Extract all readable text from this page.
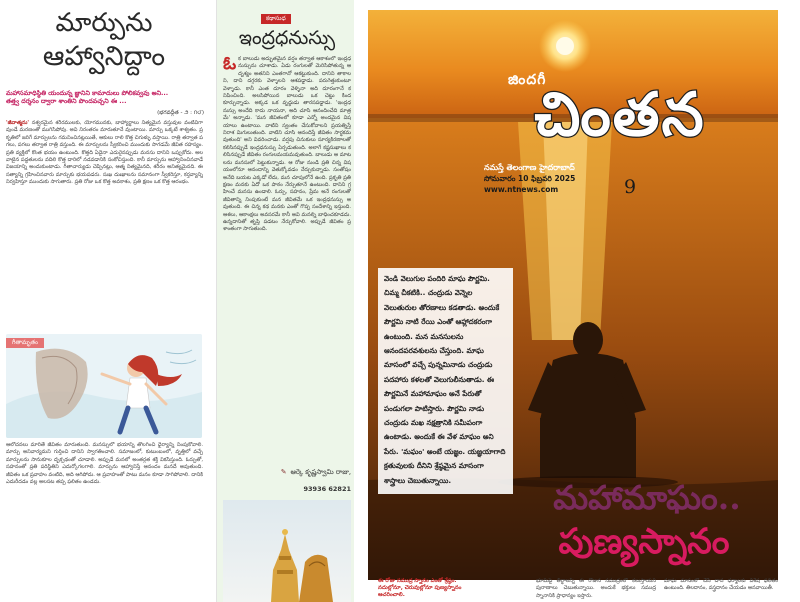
మార్పును
ఆహ్వానిద్దాం
మహాసమాధిస్థితి యందున్న జ్ఞానిని కామాదులు పోలికవ్వవు అని...
తత్త్వ దర్శనం ద్వారా శాంతిని పొందవచ్చని ఈ ...
(భగవద్గీత - ౨ : ౧౮)
'జీవాత్మను' నశ్వరమైన శరీరములకు, యోగమునకు, బాహ్యార్థాలు నిత్యమైన వస్తువుల వంటివిగా వుండే మరణంతో ముగిసిపోవు. అవి నిరంతరం మారుతూనే వుంటాయి. మార్పు ఒక్కటే శాశ్వతం. ప్రకృతిలో జరిగే మార్పులను గమనించినట్లయితే, ఆకులు రాలి కొత్త చిగుళ్ళు వస్తాయి. రాత్రి తర్వాత పగలు, పగలు తర్వాత రాత్రి వస్తుంది. ఈ మార్పులను స్వీకరించి ముందుకు సాగడమే జీవిత రహస్యం. ప్రతి వ్యక్తిలో కొంత భయం ఉంటుంది. కొత్తది ఏదైనా ఎదురైనప్పుడు మనసు దానిని ఒప్పుకోదు. అలవాటైన పద్ధతులను వదిలి కొత్త దారిలో నడవడానికి సంకోచిస్తుంది. కానీ మార్పును ఆహ్వానించినవాడే విజయాన్ని అందుకుంటాడు. గీతాచార్యుడు చెప్పినట్లు, ఆత్మ నిత్యమైనది, శరీరం అనిత్యమైనది. ఈ సత్యాన్ని గ్రహించినవారు మార్పుకు భయపడరు. సుఖ దుఃఖాలను సమానంగా స్వీకరిస్తూ, కర్తవ్యాన్ని నిర్వహిస్తూ ముందుకు సాగుతారు. ప్రతి రోజు ఒక కొత్త అవకాశం, ప్రతి క్షణం ఒక కొత్త ఆరంభం.
గీతామృతం
ఆలోచనలు మారితే జీవితం మారుతుంది. మనస్సులో భయాన్ని తొలగించి ధైర్యాన్ని నింపుకోవాలి. మార్పు అనివార్యమని గుర్తించి దానిని స్వాగతించాలి. సమాజంలో, కుటుంబంలో, వృత్తిలో వచ్చే మార్పులను సానుకూల దృక్పథంతో చూడాలి. అప్పుడే మనలో అంతర్గత శక్తి వికసిస్తుంది. ఓర్పుతో, సహనంతో ప్రతి పరిస్థితిని ఎదుర్కోగలగాలి. మార్పును ఆహ్వానిస్తే ఆనందం మనదే అవుతుంది. జీవితం ఒక ప్రవాహం వంటిది, అది ఆగిపోదు. ఆ ప్రవాహంతో పాటు మనం కూడా సాగిపోవాలి. దానికి ఎదురీదడం వల్ల అలసట తప్ప ఫలితం ఉండదు.
కథాసుధ
ఇంద్రధనుస్సు
ఓక బాలుడు అద్భుతమైన వర్షం తర్వాత ఆకాశంలో ఇంద్రధనుస్సును చూశాడు. ఏడు రంగులతో మెరిసిపోతున్న ఆ దృశ్యం అతనిని ఎంతగానో ఆకట్టుకుంది. దానిని తాకాలని, దాని దగ్గరకు వెళ్ళాలని ఆశపడ్డాడు. పరుగెత్తుకుంటూ వెళ్ళాడు. కానీ ఎంత దూరం వెళ్ళినా అది దూరంగానే కనిపించింది. అలసిపోయిన బాలుడు ఒక చెట్టు కింద కూర్చున్నాడు. అక్కడ ఒక వృద్ధుడు తారసపడ్డాడు. 'ఇంద్రధనుస్సు అందేది కాదు నాయనా, అది చూసి ఆనందించేది మాత్రమే' అన్నాడు. 'మన జీవితంలో కూడా ఎన్నో అందమైన విషయాలు ఉంటాయి. వాటిని స్వంతం చేసుకోవాలని ప్రయత్నిస్తే నిరాశ మిగులుతుంది. వాటిని చూసి ఆనందిస్తే జీవితం సార్థకమవుతుంది' అని వివరించాడు. వర్షపు చినుకులు సూర్యకిరణాలతో కలిసినప్పుడే ఇంద్రధనుస్సు ఏర్పడుతుంది. అలాగే కష్టసుఖాలు కలిసినప్పుడే జీవితం రంగులమయమవుతుంది. బాలుడు ఆ మాటలను మనసులో పెట్టుకున్నాడు. ఆ రోజు నుండి ప్రతి చిన్న విషయంలోనూ ఆనందాన్ని వెతుక్కోవడం నేర్చుకున్నాడు. సంతోషం అనేది బయట ఎక్కడో లేదు, మన చూపులోనే ఉంది. ప్రకృతి ప్రతి క్షణం మనకు ఏదో ఒక పాఠం నేర్పుతూనే ఉంటుంది. దానిని గ్రహించే మనసు ఉండాలి. ఓర్పు, సహనం, ప్రేమ అనే రంగులతో జీవితాన్ని నింపుకుంటే మన జీవితమే ఒక ఇంద్రధనుస్సు అవుతుంది. ఈ చిన్న కథ మనకు ఎంతో గొప్ప సందేశాన్ని ఇస్తుంది. ఆశలు, ఆకాంక్షలు అవసరమే కానీ అవి మనల్ని బాధించకూడదు. ఉన్నదానితో తృప్తి పడటం నేర్చుకోవాలి. అప్పుడే జీవితం ప్రశాంతంగా సాగుతుంది.
✎ ఆర్కె కృష్ణస్వామి రాజు,
93936 62821
జిందగీ
చింతన
నమస్తే తెలంగాణ హైదరాబాద్
సోమవారం 10 ఫిబ్రవరి 2025
www.ntnews.com	9
వెండి వెలుగుల పందిరి మాఘ పౌర్ణమి. చిమ్మ చీకటికి.. చంద్రుడు వెన్నెల వెలుతురుల తోరణాలు కడతాడు. అందుకే పౌర్ణమి నాటి రేయి ఎంతో ఆహ్లాదకరంగా ఉంటుంది. మన మనసులను ఆనందపరవశులను చేస్తుంది. మాఘ మాసంలో వచ్చే పున్నమినాడు చంద్రుడు పదహారు కళలతో వెలుగులీనుతాడు. ఈ పౌర్ణమినే మహామాఘం అనే పేరుతో పండుగలా పాటిస్తారు. పౌర్ణమి నాడు చంద్రుడు మఖ నక్షత్రానికి సమీపంగా ఉంటాడు. అందుకే ఈ వేళ మాఘం అని పేరు. 'మఘం' అంటే యజ్ఞం. యజ్ఞయాగాది క్రతువులకు దీనిని శ్రేష్ఠమైన మాసంగా శాస్త్రాలు చెబుతున్నాయి.	మహామాఘం..
పుణ్యస్నానం
ఈ రోజు సముద్ర స్నానం ఎంతో శ్రేష్ఠం. నదుల్లోనూ, చెరువుల్లోనూ పుణ్యస్నానం ఆచరించాలి.
భూమిపై తీర్థాలన్నీ ఈ రోజున సముద్రంలో కలుస్తాయని పురాణాలు చెబుతున్నాయి. అందుకే భక్తులు సముద్ర స్నానానికి ప్రాధాన్యం ఇస్తారు.
మాఘ మాసంలో చేసే దాన ధర్మాలకు విశేష ఫలితం ఉంటుంది. తిలదానం, వస్త్రదానం చేయడం ఆనవాయితీ.
